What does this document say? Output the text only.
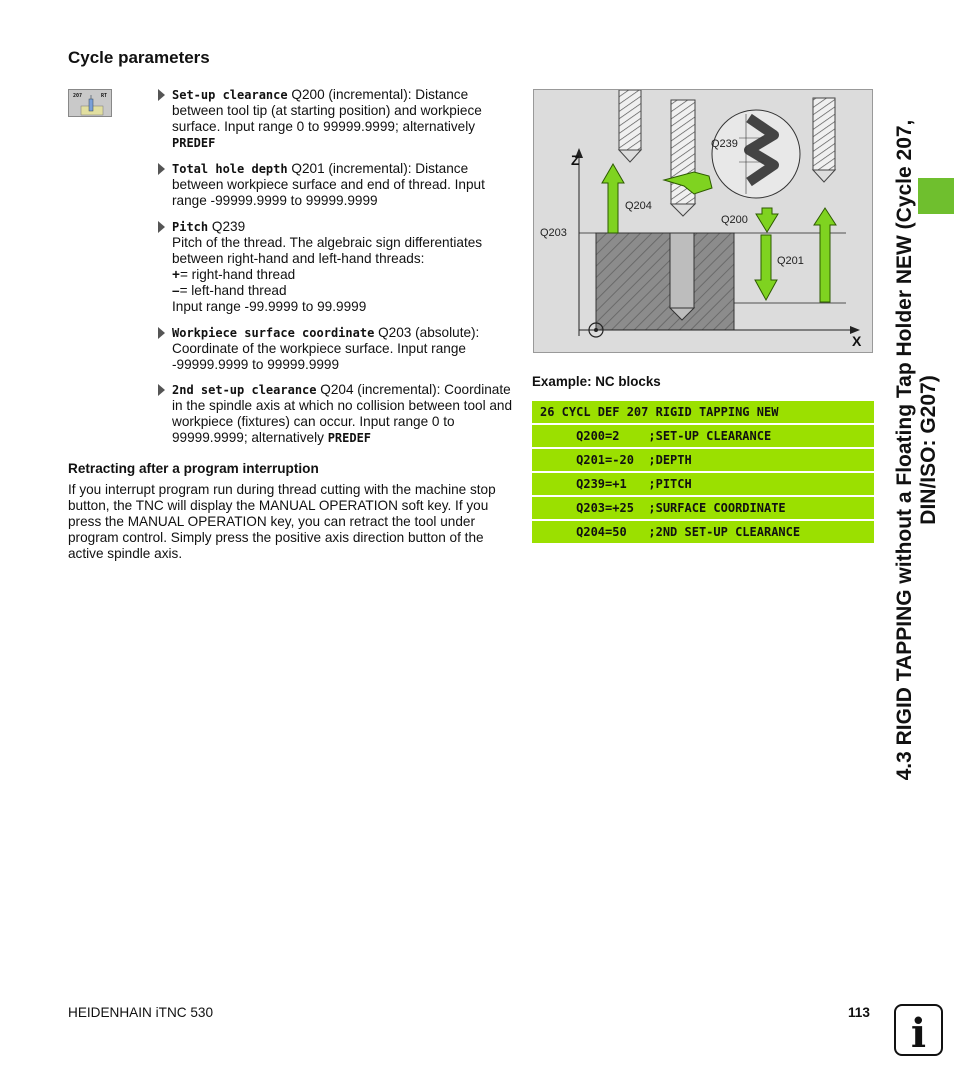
Cycle parameters
207	RT	Set-up clearance Q200 (incremental): Distance between tool tip (at starting position) and workpiece surface. Input range 0 to 99999.9999; alternatively
PREDEF
Total hole depth Q201 (incremental): Distance between workpiece surface and end of thread. Input range -99999.9999 to 99999.9999
Pitch Q239
Pitch of the thread. The algebraic sign differentiates between right-hand and left-hand threads:
+= right-hand thread
–= left-hand thread
Input range -99.9999 to 99.9999
Workpiece surface coordinate Q203 (absolute): Coordinate of the workpiece surface. Input range -99999.9999 to 99999.9999
2nd set-up clearance Q204 (incremental): Coordinate in the spindle axis at which no collision between tool and workpiece (fixtures) can occur. Input range 0 to 99999.9999; alternatively PREDEF
Retracting after a program interruption

If you interrupt program run during thread cutting with the machine stop button, the TNC will display the MANUAL OPERATION soft key. If you press the MANUAL OPERATION key, you can retract the tool under program control. Simply press the positive axis direction button of the active spindle axis.

Z
X
Q239
Q204
Q203
Q200
Q201

Example: NC blocks

26 CYCL DEF 207 RIGID TAPPING NEW
Q200=2    ;SET-UP CLEARANCE
Q201=-20  ;DEPTH
Q239=+1   ;PITCH
Q203=+25  ;SURFACE COORDINATE
Q204=50   ;2ND SET-UP CLEARANCE	4.3 RIGID TAPPING without a Floating Tap Holder NEW (Cycle 207, DIN/ISO: G207)
HEIDENHAIN iTNC 530	113 i
